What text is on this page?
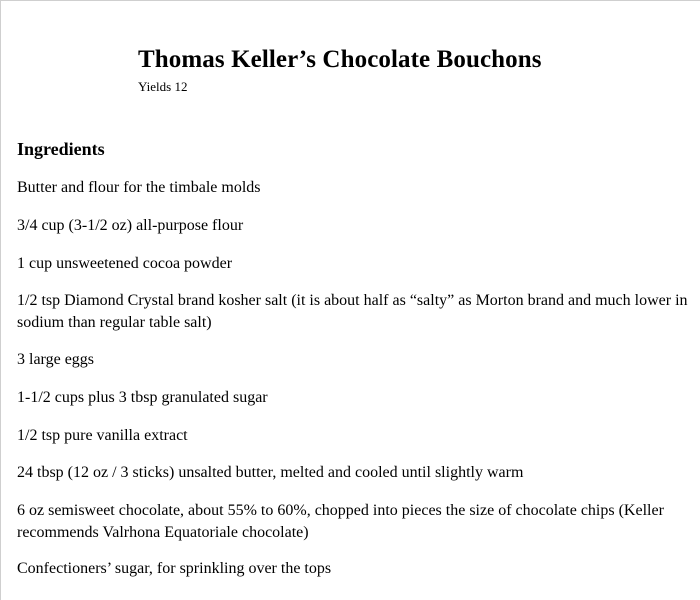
Thomas Keller’s Chocolate Bouchons
Yields 12
Ingredients
Butter and flour for the timbale molds
3/4 cup (3-1/2 oz) all-purpose flour
1 cup unsweetened cocoa powder
1/2 tsp Diamond Crystal brand kosher salt (it is about half as “salty” as Morton brand and much lower in
sodium than regular table salt)
3 large eggs
1-1/2 cups plus 3 tbsp granulated sugar
1/2 tsp pure vanilla extract
24 tbsp (12 oz / 3 sticks) unsalted butter, melted and cooled until slightly warm
6 oz semisweet chocolate, about 55% to 60%, chopped into pieces the size of chocolate chips (Keller
recommends Valrhona Equatoriale chocolate)
Confectioners’ sugar, for sprinkling over the tops
